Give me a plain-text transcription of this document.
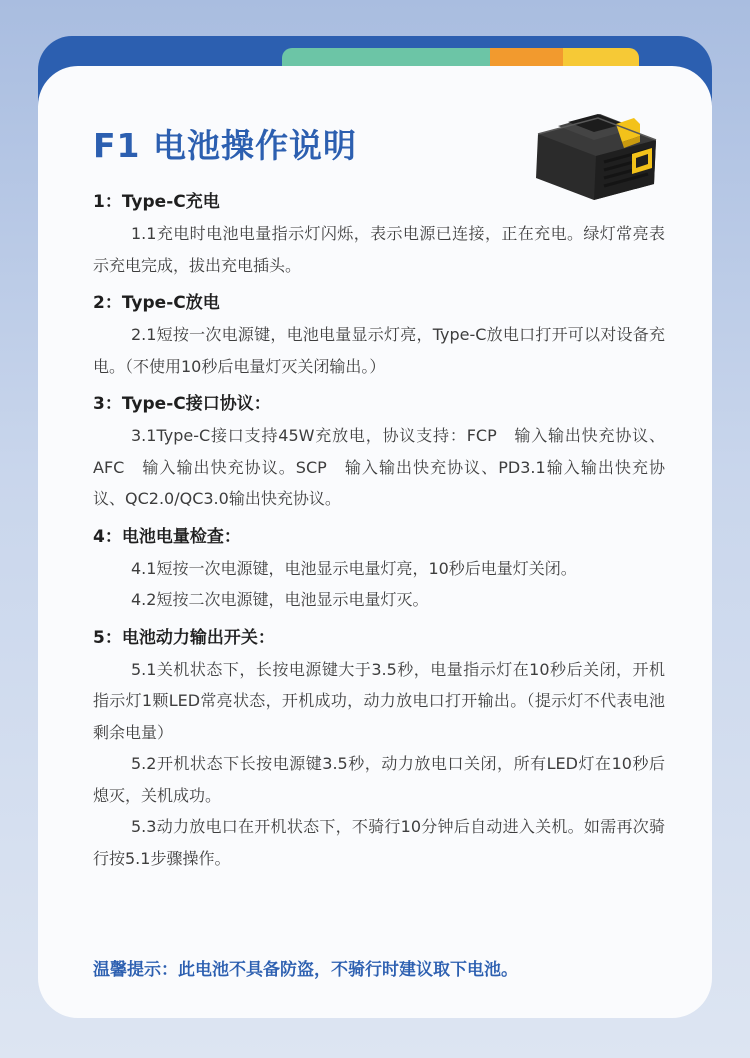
F1 电池操作说明
1：Type-C充电
1.1充电时电池电量指示灯闪烁，表示电源已连接，正在充电。绿灯常亮表示充电完成，拔出充电插头。
2：Type-C放电
2.1短按一次电源键，电池电量显示灯亮，Type-C放电口打开可以对设备充电。（不使用10秒后电量灯灭关闭输出。）
3：Type-C接口协议：
3.1Type-C接口支持45W充放电，协议支持：FCP　输入输出快充协议、AFC　输入输出快充协议。SCP　输入输出快充协议、PD3.1输入输出快充协议、QC2.0/QC3.0输出快充协议。
4：电池电量检查：
4.1短按一次电源键，电池显示电量灯亮，10秒后电量灯关闭。
4.2短按二次电源键，电池显示电量灯灭。
5：电池动力输出开关：
5.1关机状态下，长按电源键大于3.5秒，电量指示灯在10秒后关闭，开机指示灯1颗LED常亮状态，开机成功，动力放电口打开输出。（提示灯不代表电池剩余电量）
5.2开机状态下长按电源键3.5秒，动力放电口关闭，所有LED灯在10秒后熄灭，关机成功。
5.3动力放电口在开机状态下，不骑行10分钟后自动进入关机。如需再次骑行按5.1步骤操作。
温馨提示：此电池不具备防盗，不骑行时建议取下电池。
